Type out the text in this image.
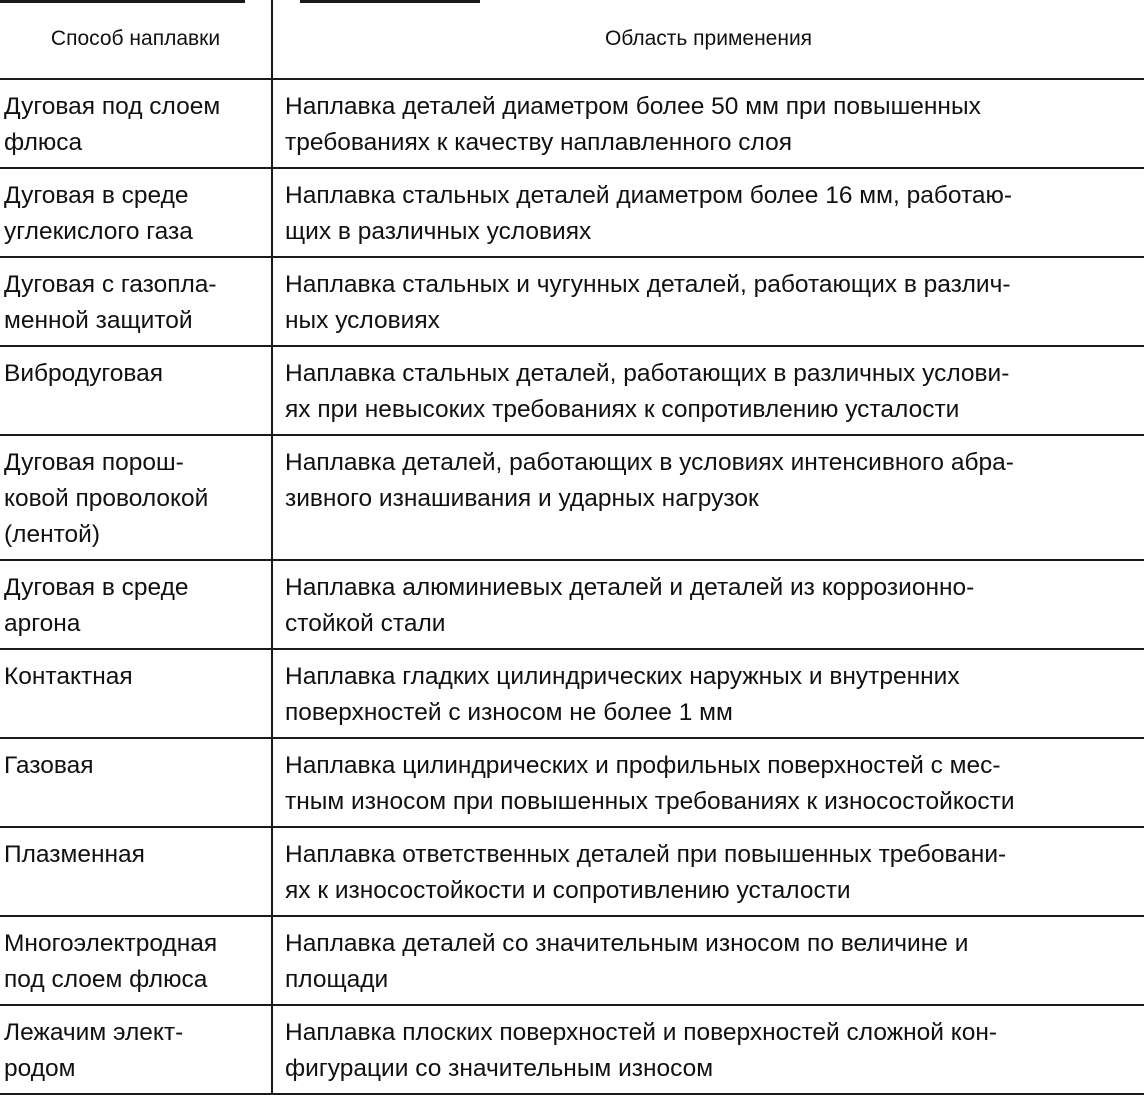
Способ наплавки	Область применения

Дуговая под слоем
флюса	Наплавка деталей диаметром более 50 мм при повышенных
требованиях к качеству наплавленного слоя

Дуговая в среде
углекислого газа	Наплавка стальных деталей диаметром более 16 мм, работаю-
щих в различных условиях

Дуговая с газопла-
менной защитой	Наплавка стальных и чугунных деталей, работающих в различ-
ных условиях

Вибродуговая	Наплавка стальных деталей, работающих в различных услови-
ях при невысоких требованиях к сопротивлению усталости

Дуговая порош-
ковой проволокой
(лентой)	Наплавка деталей, работающих в условиях интенсивного абра-
зивного изнашивания и ударных нагрузок

Дуговая в среде
аргона	Наплавка алюминиевых деталей и деталей из коррозионно-
стойкой стали

Контактная	Наплавка гладких цилиндрических наружных и внутренних
поверхностей с износом не более 1 мм

Газовая	Наплавка цилиндрических и профильных поверхностей с мес-
тным износом при повышенных требованиях к износостойкости

Плазменная	Наплавка ответственных деталей при повышенных требовани-
ях к износостойкости и сопротивлению усталости

Многоэлектродная
под слоем флюса	Наплавка деталей со значительным износом по величине и
площади

Лежачим элект-
родом	Наплавка плоских поверхностей и поверхностей сложной кон-
фигурации со значительным износом
